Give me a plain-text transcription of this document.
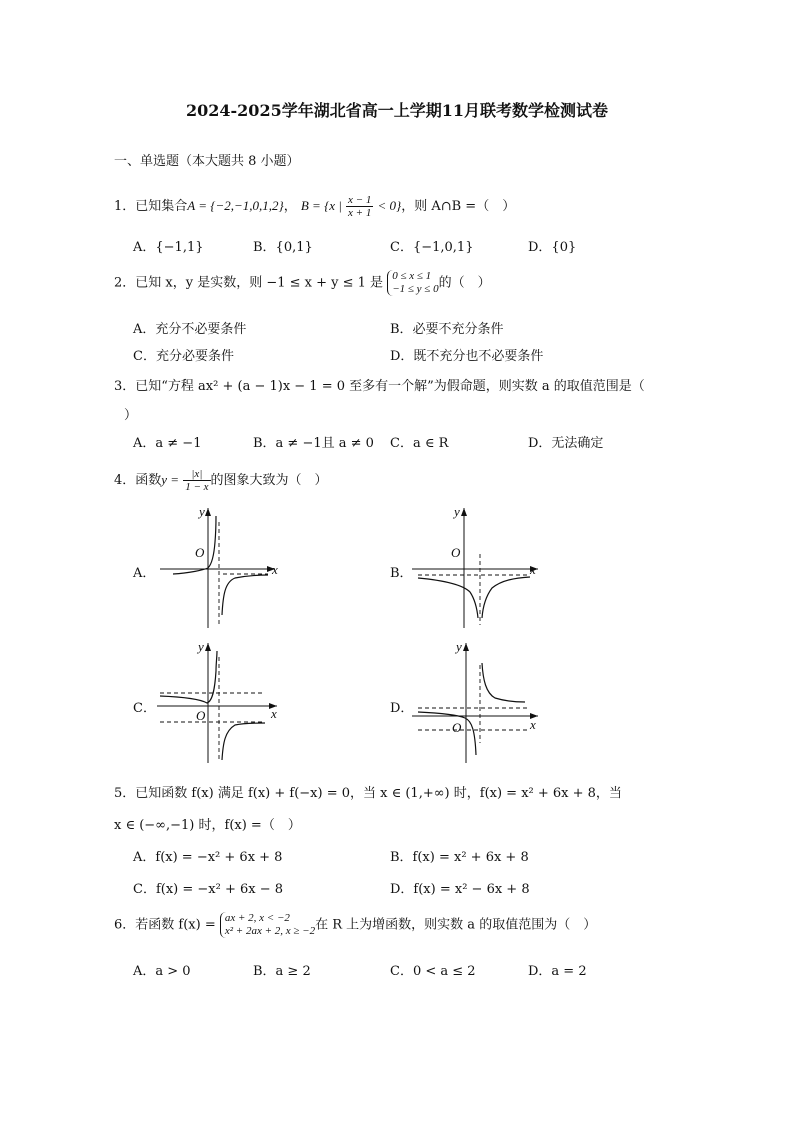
2024-2025学年湖北省高一上学期11月联考数学检测试卷
一、单选题（本大题共 8 小题）
1．已知集合A = {−2,−1,0,1,2}， B = {x | $\frac{x - 1}{x + 1} < 0$}，则 A∩B =（　）
A．{−1,1}	B．{0,1}	C．{−1,0,1}	D．{0}
2．已知 x，y 是实数，则 −1 ≤ x + y ≤ 1 是 0 ≤ x ≤ 1
−1 ≤ y ≤ 0 的（　）
A．充分不必要条件	B．必要不充分条件
C．充分必要条件	D．既不充分也不必要条件
3．已知“方程 ax² + (a − 1)x − 1 = 0 至多有一个解”为假命题，则实数 a 的取值范围是（
）
A．a ≠ −1	B．a ≠ −1且 a ≠ 0 C．a ∈ R	D．无法确定
4．函数$y = \frac{|x|}{1 - x}$ 的图象大致为（　）
A．	B．
C．	D．
y
x
O
y
x
O
y
x
O
y
x
O
5．已知函数 f(x) 满足 f(x) + f(−x) = 0，当 x ∈ (1,+∞) 时，f(x) = x² + 6x + 8，当
x ∈ (−∞,−1) 时，f(x) =（　）
A．f(x) = −x² + 6x + 8	B．f(x) = x² + 6x + 8
C．f(x) = −x² + 6x − 8	D．f(x) = x² − 6x + 8
6．若函数 f(x) = ax + 2, x < −2
x² + 2ax + 2, x ≥ −2 在 R 上为增函数，则实数 a 的取值范围为（　）
A．a > 0	B．a ≥ 2	C．0 < a ≤ 2	D．a = 2
